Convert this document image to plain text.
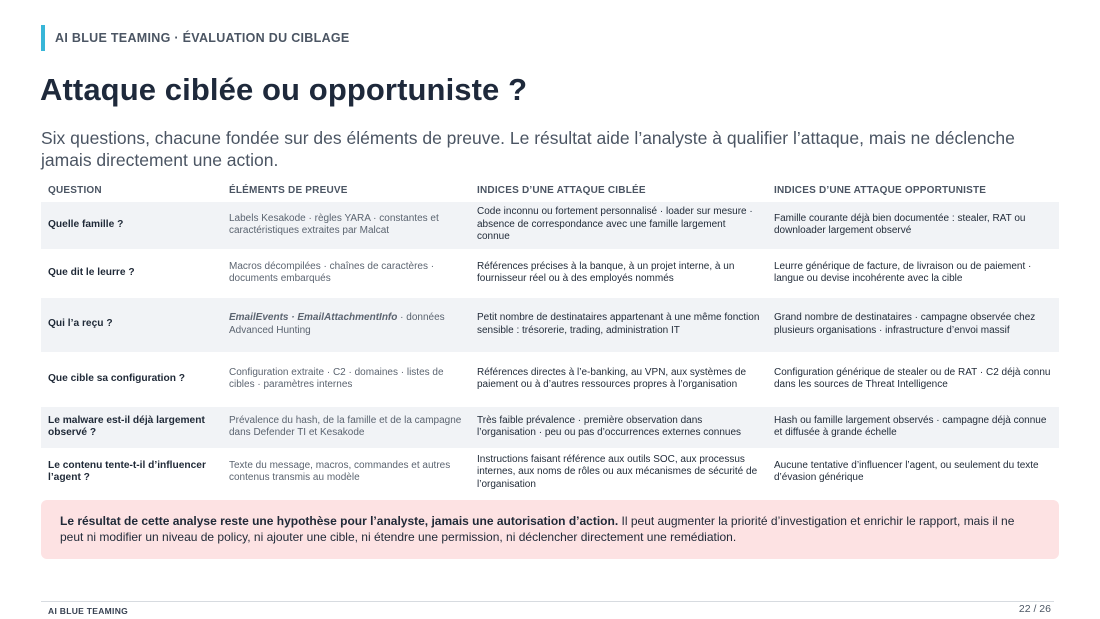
AI BLUE TEAMING · ÉVALUATION DU CIBLAGE
Attaque ciblée ou opportuniste ?

Six questions, chacune fondée sur des éléments de preuve. Le résultat aide l’analyste à qualifier l’attaque, mais ne déclenche jamais directement une action.

QUESTION	ÉLÉMENTS DE PREUVE	INDICES D’UNE ATTAQUE CIBLÉE	INDICES D’UNE ATTAQUE OPPORTUNISTE
Quelle famille ?	Labels Kesakode · règles YARA · constantes et caractéristiques extraites par Malcat	Code inconnu ou fortement personnalisé · loader sur mesure · absence de correspondance avec une famille largement connue	Famille courante déjà bien documentée : stealer, RAT ou downloader largement observé
Que dit le leurre ?	Macros décompilées · chaînes de caractères · documents embarqués	Références précises à la banque, à un projet interne, à un fournisseur réel ou à des employés nommés	Leurre générique de facture, de livraison ou de paiement · langue ou devise incohérente avec la cible
Qui l’a reçu ?	EmailEvents · EmailAttachmentInfo · données Advanced Hunting	Petit nombre de destinataires appartenant à une même fonction sensible : trésorerie, trading, administration IT	Grand nombre de destinataires · campagne observée chez plusieurs organisations · infrastructure d’envoi massif
Que cible sa configuration ?	Configuration extraite · C2 · domaines · listes de cibles · paramètres internes	Références directes à l’e-banking, au VPN, aux systèmes de paiement ou à d’autres ressources propres à l’organisation	Configuration générique de stealer ou de RAT · C2 déjà connu dans les sources de Threat Intelligence
Le malware est-il déjà largement observé ?	Prévalence du hash, de la famille et de la campagne dans Defender TI et Kesakode	Très faible prévalence · première observation dans l’organisation · peu ou pas d’occurrences externes connues	Hash ou famille largement observés · campagne déjà connue et diffusée à grande échelle
Le contenu tente-t-il d’influencer l’agent ?	Texte du message, macros, commandes et autres contenus transmis au modèle	Instructions faisant référence aux outils SOC, aux processus internes, aux noms de rôles ou aux mécanismes de sécurité de l’organisation	Aucune tentative d’influencer l’agent, ou seulement du texte d’évasion générique
Le résultat de cette analyse reste une hypothèse pour l’analyste, jamais une autorisation d’action. Il peut augmenter la priorité d’investigation et enrichir le rapport, mais il ne peut ni modifier un niveau de policy, ni ajouter une cible, ni étendre une permission, ni déclencher directement une remédiation.
AI BLUE TEAMING	22 / 26
